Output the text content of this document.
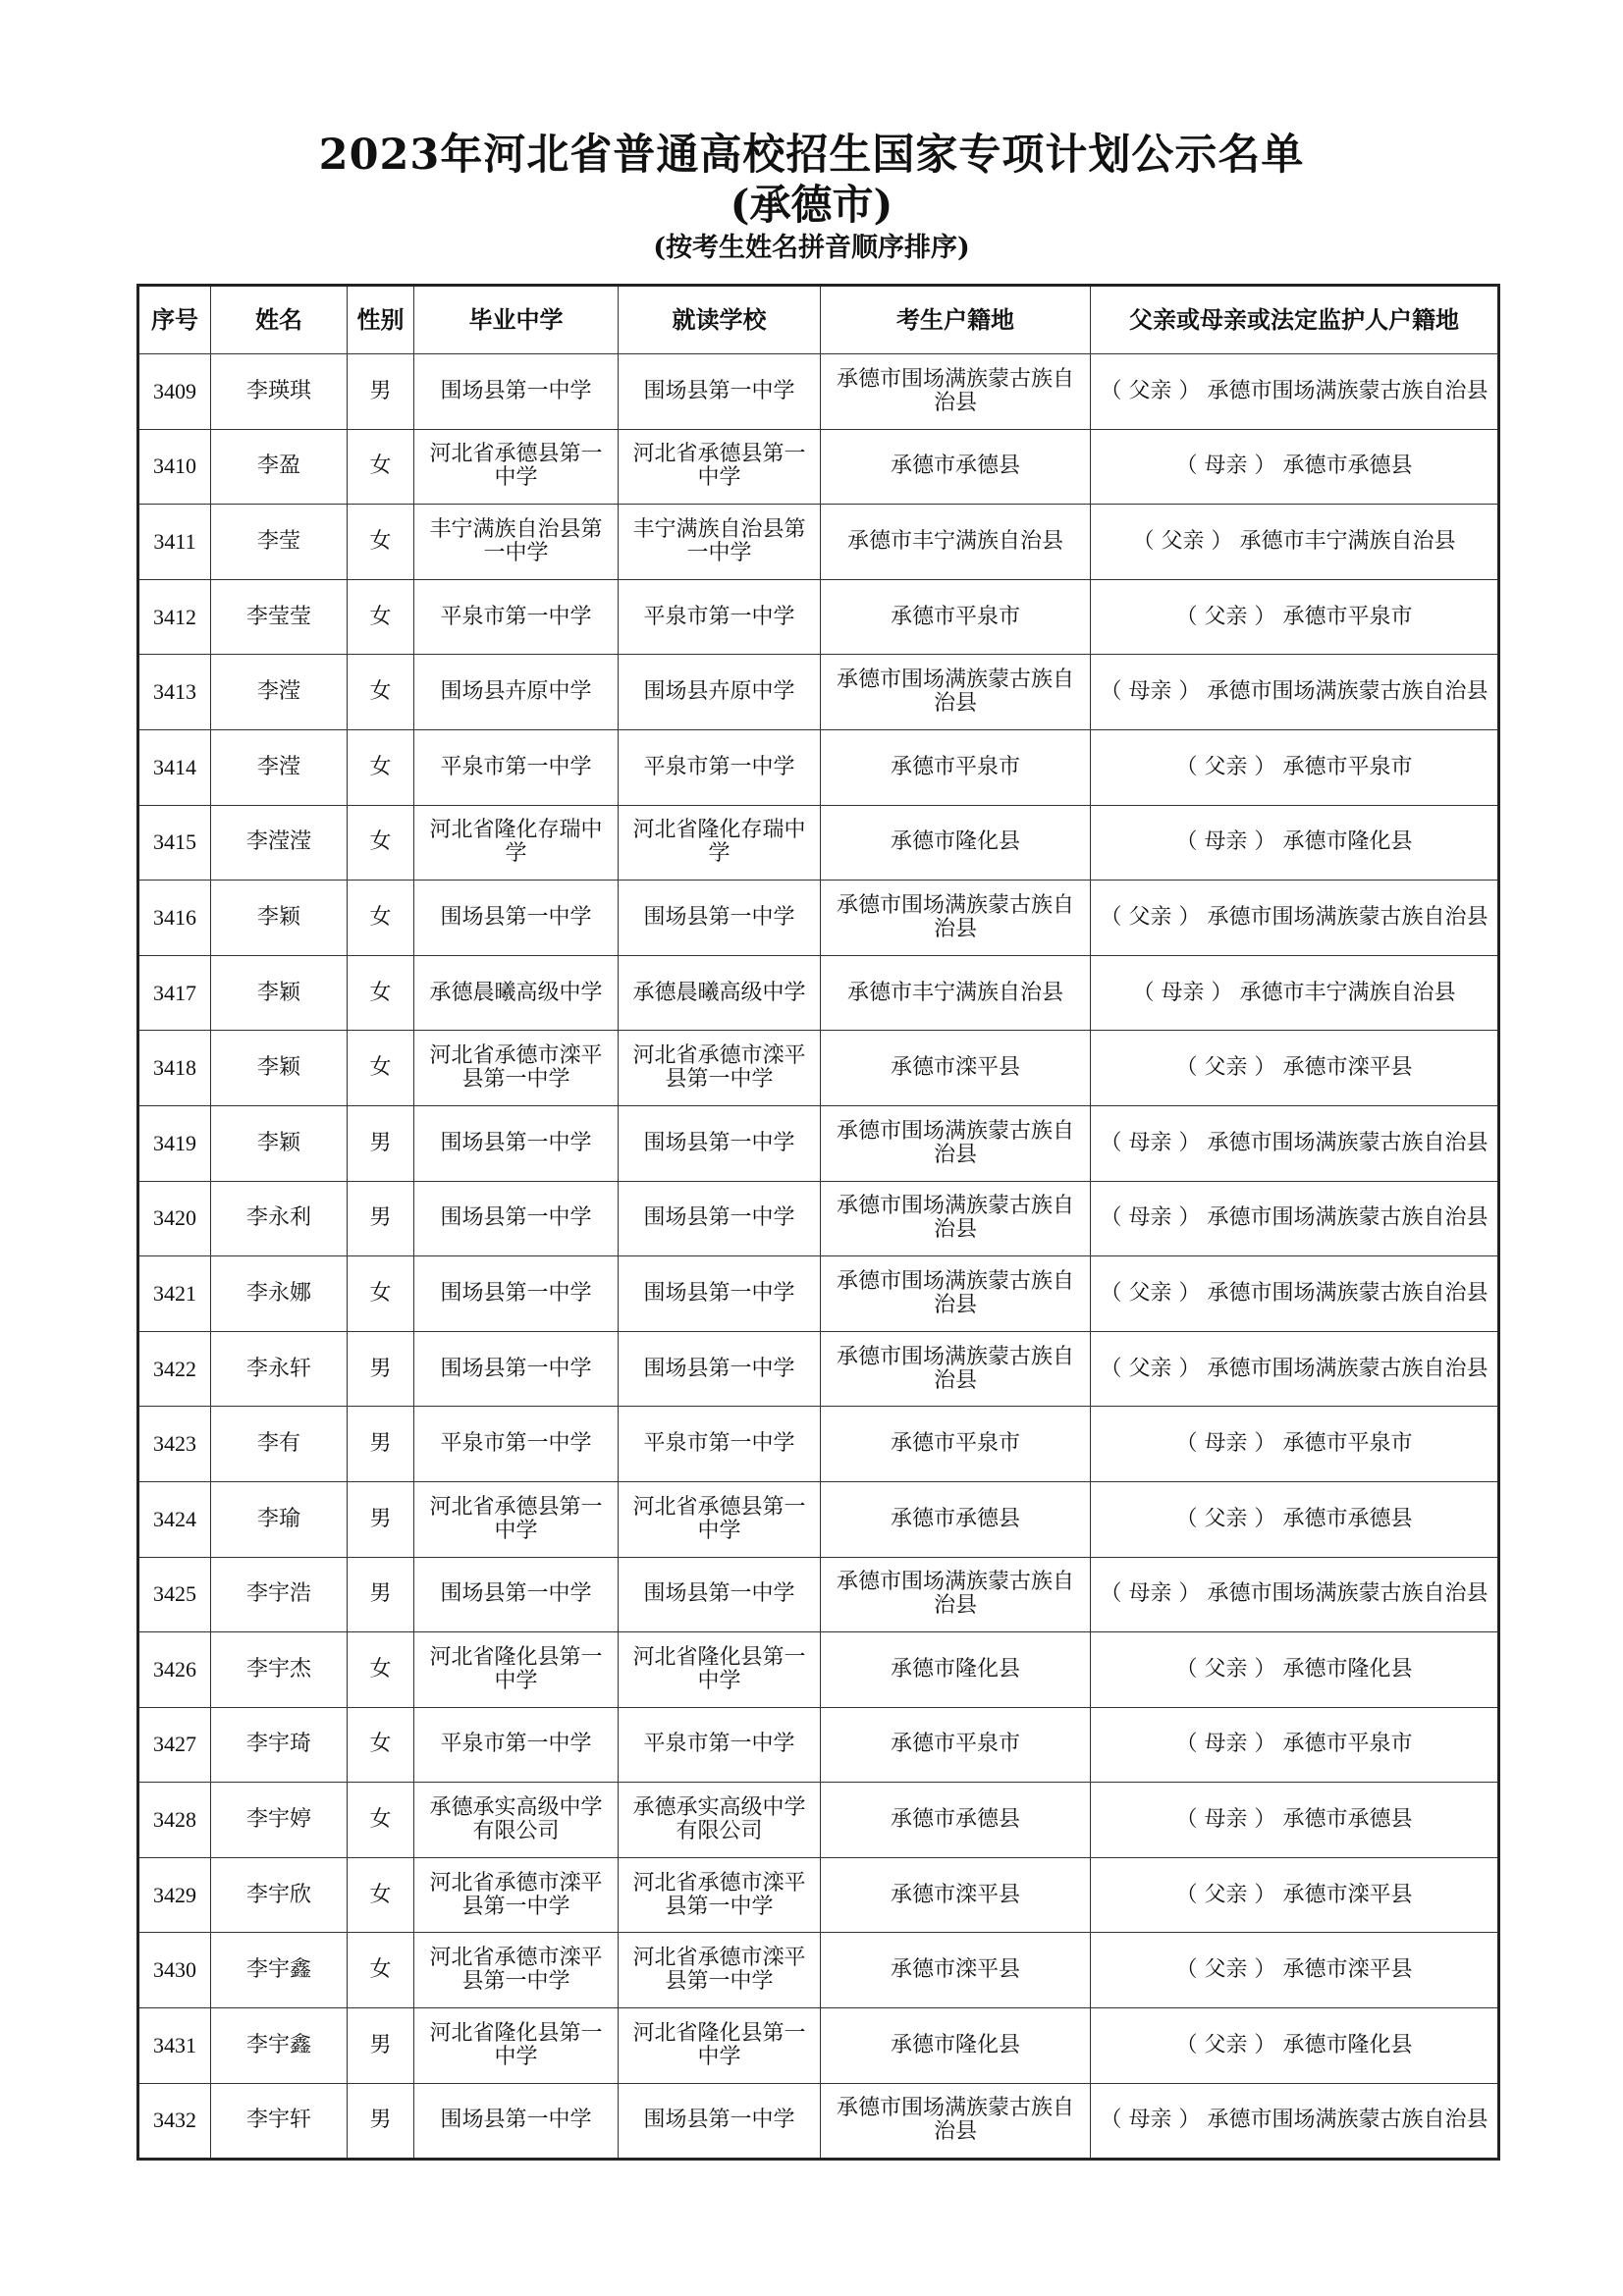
2023年河北省普通高校招生国家专项计划公示名单
(承德市)
(按考生姓名拼音顺序排序)
序号	姓名	性别	毕业中学	就读学校	考生户籍地	父亲或母亲或法定监护人户籍地
3409	李瑛琪	男	围场县第一中学	围场县第一中学	承德市围场满族蒙古族自治县	（ 父亲 ） 承德市围场满族蒙古族自治县
3410	李盈	女	河北省承德县第一中学	河北省承德县第一中学	承德市承德县	（ 母亲 ） 承德市承德县
3411	李莹	女	丰宁满族自治县第一中学	丰宁满族自治县第一中学	承德市丰宁满族自治县	（ 父亲 ） 承德市丰宁满族自治县
3412	李莹莹	女	平泉市第一中学	平泉市第一中学	承德市平泉市	（ 父亲 ） 承德市平泉市
3413	李滢	女	围场县卉原中学	围场县卉原中学	承德市围场满族蒙古族自治县	（ 母亲 ） 承德市围场满族蒙古族自治县
3414	李滢	女	平泉市第一中学	平泉市第一中学	承德市平泉市	（ 父亲 ） 承德市平泉市
3415	李滢滢	女	河北省隆化存瑞中学	河北省隆化存瑞中学	承德市隆化县	（ 母亲 ） 承德市隆化县
3416	李颖	女	围场县第一中学	围场县第一中学	承德市围场满族蒙古族自治县	（ 父亲 ） 承德市围场满族蒙古族自治县
3417	李颖	女	承德晨曦高级中学	承德晨曦高级中学	承德市丰宁满族自治县	（ 母亲 ） 承德市丰宁满族自治县
3418	李颖	女	河北省承德市滦平县第一中学	河北省承德市滦平县第一中学	承德市滦平县	（ 父亲 ） 承德市滦平县
3419	李颖	男	围场县第一中学	围场县第一中学	承德市围场满族蒙古族自治县	（ 母亲 ） 承德市围场满族蒙古族自治县
3420	李永利	男	围场县第一中学	围场县第一中学	承德市围场满族蒙古族自治县	（ 母亲 ） 承德市围场满族蒙古族自治县
3421	李永娜	女	围场县第一中学	围场县第一中学	承德市围场满族蒙古族自治县	（ 父亲 ） 承德市围场满族蒙古族自治县
3422	李永轩	男	围场县第一中学	围场县第一中学	承德市围场满族蒙古族自治县	（ 父亲 ） 承德市围场满族蒙古族自治县
3423	李有	男	平泉市第一中学	平泉市第一中学	承德市平泉市	（ 母亲 ） 承德市平泉市
3424	李瑜	男	河北省承德县第一中学	河北省承德县第一中学	承德市承德县	（ 父亲 ） 承德市承德县
3425	李宇浩	男	围场县第一中学	围场县第一中学	承德市围场满族蒙古族自治县	（ 母亲 ） 承德市围场满族蒙古族自治县
3426	李宇杰	女	河北省隆化县第一中学	河北省隆化县第一中学	承德市隆化县	（ 父亲 ） 承德市隆化县
3427	李宇琦	女	平泉市第一中学	平泉市第一中学	承德市平泉市	（ 母亲 ） 承德市平泉市
3428	李宇婷	女	承德承实高级中学有限公司	承德承实高级中学有限公司	承德市承德县	（ 母亲 ） 承德市承德县
3429	李宇欣	女	河北省承德市滦平县第一中学	河北省承德市滦平县第一中学	承德市滦平县	（ 父亲 ） 承德市滦平县
3430	李宇鑫	女	河北省承德市滦平县第一中学	河北省承德市滦平县第一中学	承德市滦平县	（ 父亲 ） 承德市滦平县
3431	李宇鑫	男	河北省隆化县第一中学	河北省隆化县第一中学	承德市隆化县	（ 父亲 ） 承德市隆化县
3432	李宇轩	男	围场县第一中学	围场县第一中学	承德市围场满族蒙古族自治县	（ 母亲 ） 承德市围场满族蒙古族自治县
